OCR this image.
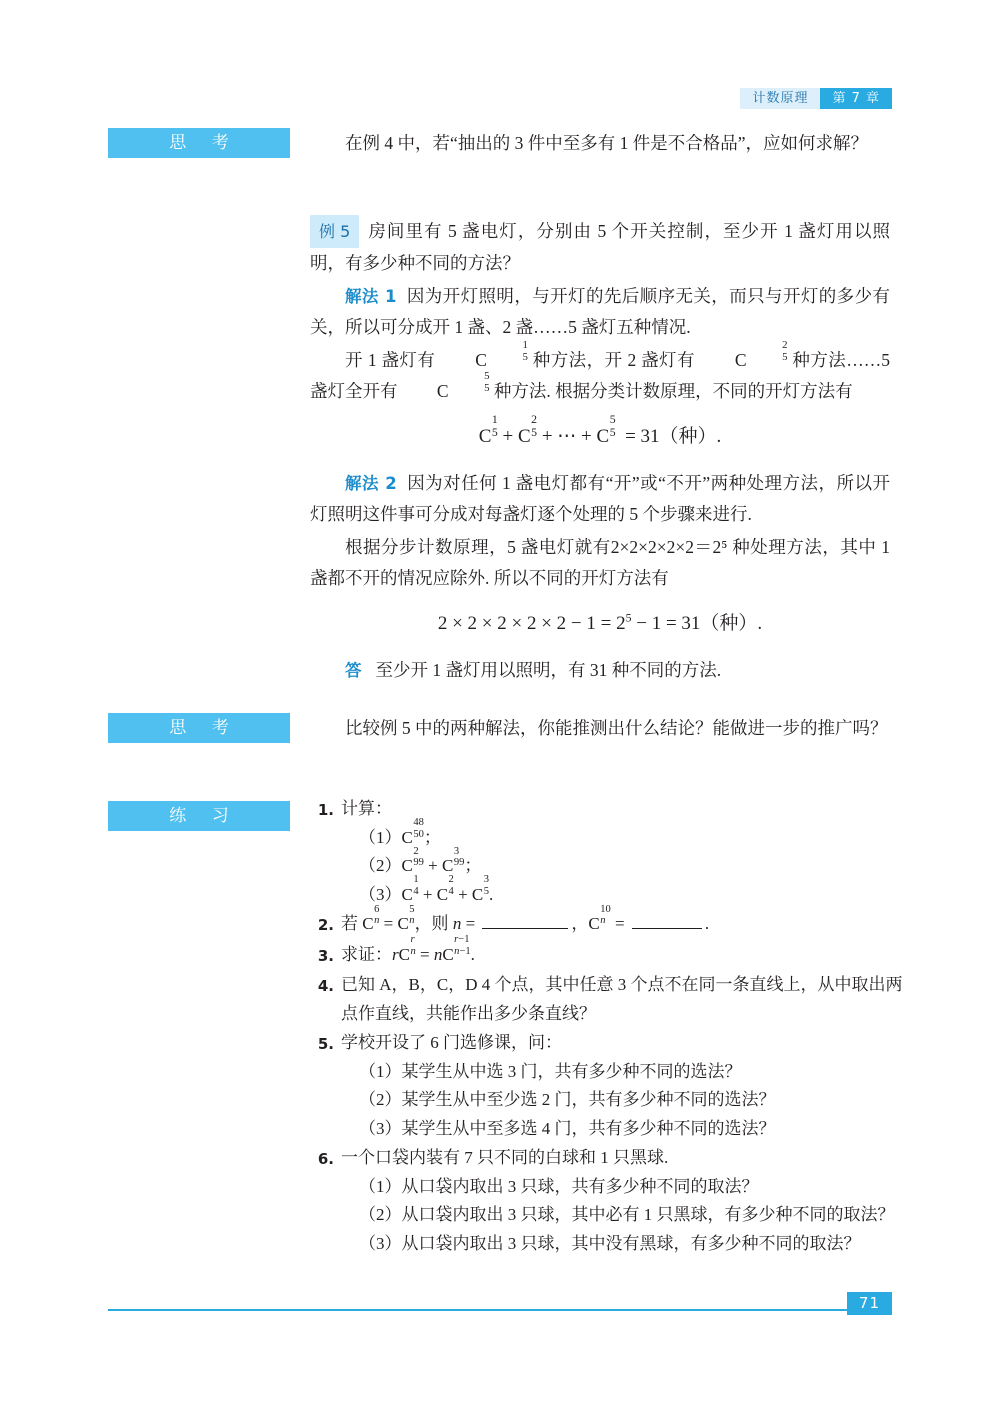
计数原理	第 7 章
思 考
思 考
练 习

在例 4 中，若“抽出的 3 件中至多有 1 件是不合格品”，应如何求解？

例 5 房间里有 5 盏电灯，分别由 5 个开关控制，至少开 1 盏灯用以照明，有多少种不同的方法？

解法 1 因为开灯照明，与开灯的先后顺序无关，而只与开灯的多少有关，所以可分成开 1 盏、2 盏……5 盏灯五种情况.

开 1 盏灯有 C
1
5 种方法，开 2 盏灯有 C
2
5 种方法……5 盏灯全开有 C
5
5 种方法. 根据分类计数原理，不同的开灯方法有

C
1
5 + C
2
5 + ⋯ + C
5
5 = 31（种）.

解法 2 因为对任何 1 盏电灯都有“开”或“不开”两种处理方法，所以开灯照明这件事可分成对每盏灯逐个处理的 5 个步骤来进行.

根据分步计数原理，5 盏电灯就有2×2×2×2×2＝2⁵ 种处理方法，其中 1 盏都不开的情况应除外. 所以不同的开灯方法有

$2 \times 2 \times 2 \times 2 \times 2 - 1 = 2^5 - 1 = 31$（种）.

答 至少开 1 盏灯用以照明，有 31 种不同的方法.

比较例 5 中的两种解法，你能推测出什么结论？能做进一步的推广吗？

1. 计算：
（1）C
48
50 ；
（2）C
2
99 + C
3
99 ；
（3）C
1
4 + C
2
4 + C
3
5 .
2. 若 C
6
n = C
5
n ，则 n =	，C
10
n =	.
3. 求证：rC
r
n = nC
r−1
n−1 .
4. 已知 A，B，C，D 4 个点，其中任意 3 个点不在同一条直线上，从中取出两点作直线，共能作出多少条直线？
5. 学校开设了 6 门选修课，问：
（1）某学生从中选 3 门，共有多少种不同的选法？
（2）某学生从中至少选 2 门，共有多少种不同的选法？
（3）某学生从中至多选 4 门，共有多少种不同的选法？
6. 一个口袋内装有 7 只不同的白球和 1 只黑球.
（1）从口袋内取出 3 只球，共有多少种不同的取法？
（2）从口袋内取出 3 只球，其中必有 1 只黑球，有多少种不同的取法？
（3）从口袋内取出 3 只球，其中没有黑球，有多少种不同的取法？
71
